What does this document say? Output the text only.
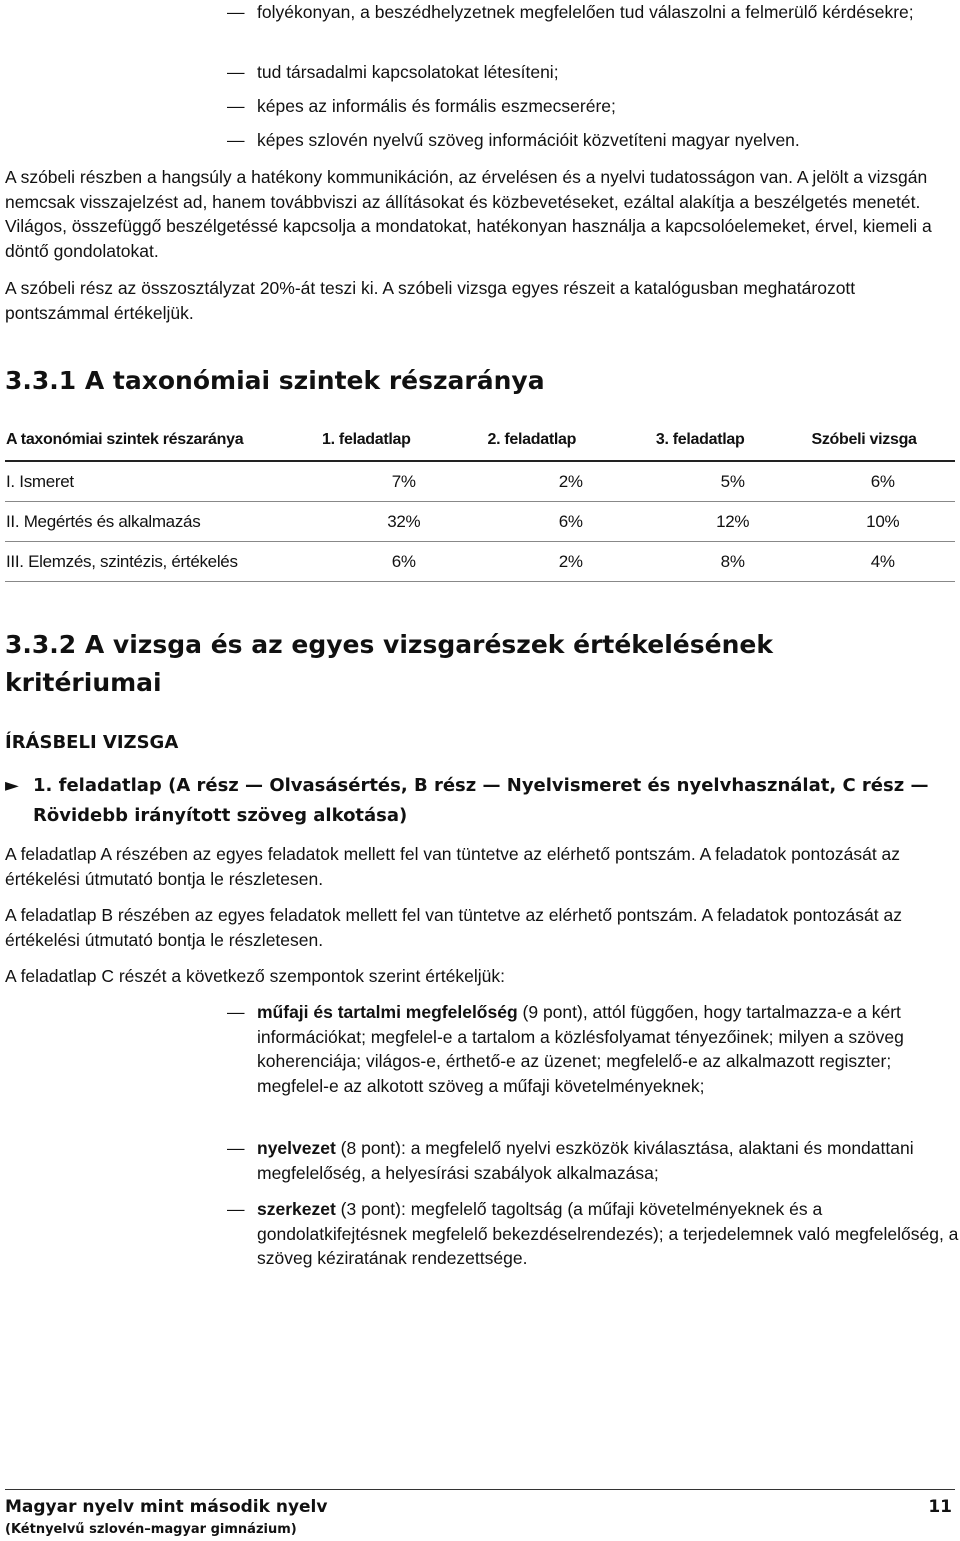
— folyékonyan, a beszédhelyzetnek megfelelően tud válaszolni a felmerülő kérdésekre;
— tud társadalmi kapcsolatokat létesíteni;
— képes az informális és formális eszmecserére;
— képes szlovén nyelvű szöveg információit közvetíteni magyar nyelven.
A szóbeli részben a hangsúly a hatékony kommunikáción, az érvelésen és a nyelvi tudatosságon van. A jelölt a vizsgán nemcsak visszajelzést ad, hanem továbbviszi az állításokat és közbevetéseket, ezáltal alakítja a beszélgetés menetét. Világos, összefüggő beszélgetéssé kapcsolja a mondatokat, hatékonyan használja a kapcsolóelemeket, érvel, kiemeli a döntő gondolatokat.
A szóbeli rész az összosztályzat 20%-át teszi ki. A szóbeli vizsga egyes részeit a katalógusban meghatározott pontszámmal értékeljük.
3.3.1 A taxonómiai szintek részaránya
A taxonómiai szintek részaránya	1. feladatlap	2. feladatlap	3. feladatlap	Szóbeli vizsga
I. Ismeret	7%	2%	5%	6%
II. Megértés és alkalmazás	32%	6%	12%	10%
III. Elemzés, szintézis, értékelés	6%	2%	8%	4%
3.3.2 A vizsga és az egyes vizsgarészek értékelésének kritériumai
ÍRÁSBELI VIZSGA
► 1. feladatlap (A rész — Olvasásértés, B rész — Nyelvismeret és nyelvhasználat, C rész — Rövidebb irányított szöveg alkotása)
A feladatlap A részében az egyes feladatok mellett fel van tüntetve az elérhető pontszám. A feladatok pontozását az értékelési útmutató bontja le részletesen.
A feladatlap B részében az egyes feladatok mellett fel van tüntetve az elérhető pontszám. A feladatok pontozását az értékelési útmutató bontja le részletesen.
A feladatlap C részét a következő szempontok szerint értékeljük:
— műfaji és tartalmi megfelelőség (9 pont), attól függően, hogy tartalmazza-e a kért információkat; megfelel-e a tartalom a közlésfolyamat tényezőinek; milyen a szöveg koherenciája; világos-e, érthető-e az üzenet; megfelelő-e az alkalmazott regiszter; megfelel-e az alkotott szöveg a műfaji követelményeknek;
— nyelvezet (8 pont): a megfelelő nyelvi eszközök kiválasztása, alaktani és mondattani megfelelőség, a helyesírási szabályok alkalmazása;
— szerkezet (3 pont): megfelelő tagoltság (a műfaji követelményeknek és a gondolatkifejtésnek megfelelő bekezdéselrendezés); a terjedelemnek való megfelelőség, a szöveg kéziratának rendezettsége.
Magyar nyelv mint második nyelv
(Kétnyelvű szlovén–magyar gimnázium)
11
